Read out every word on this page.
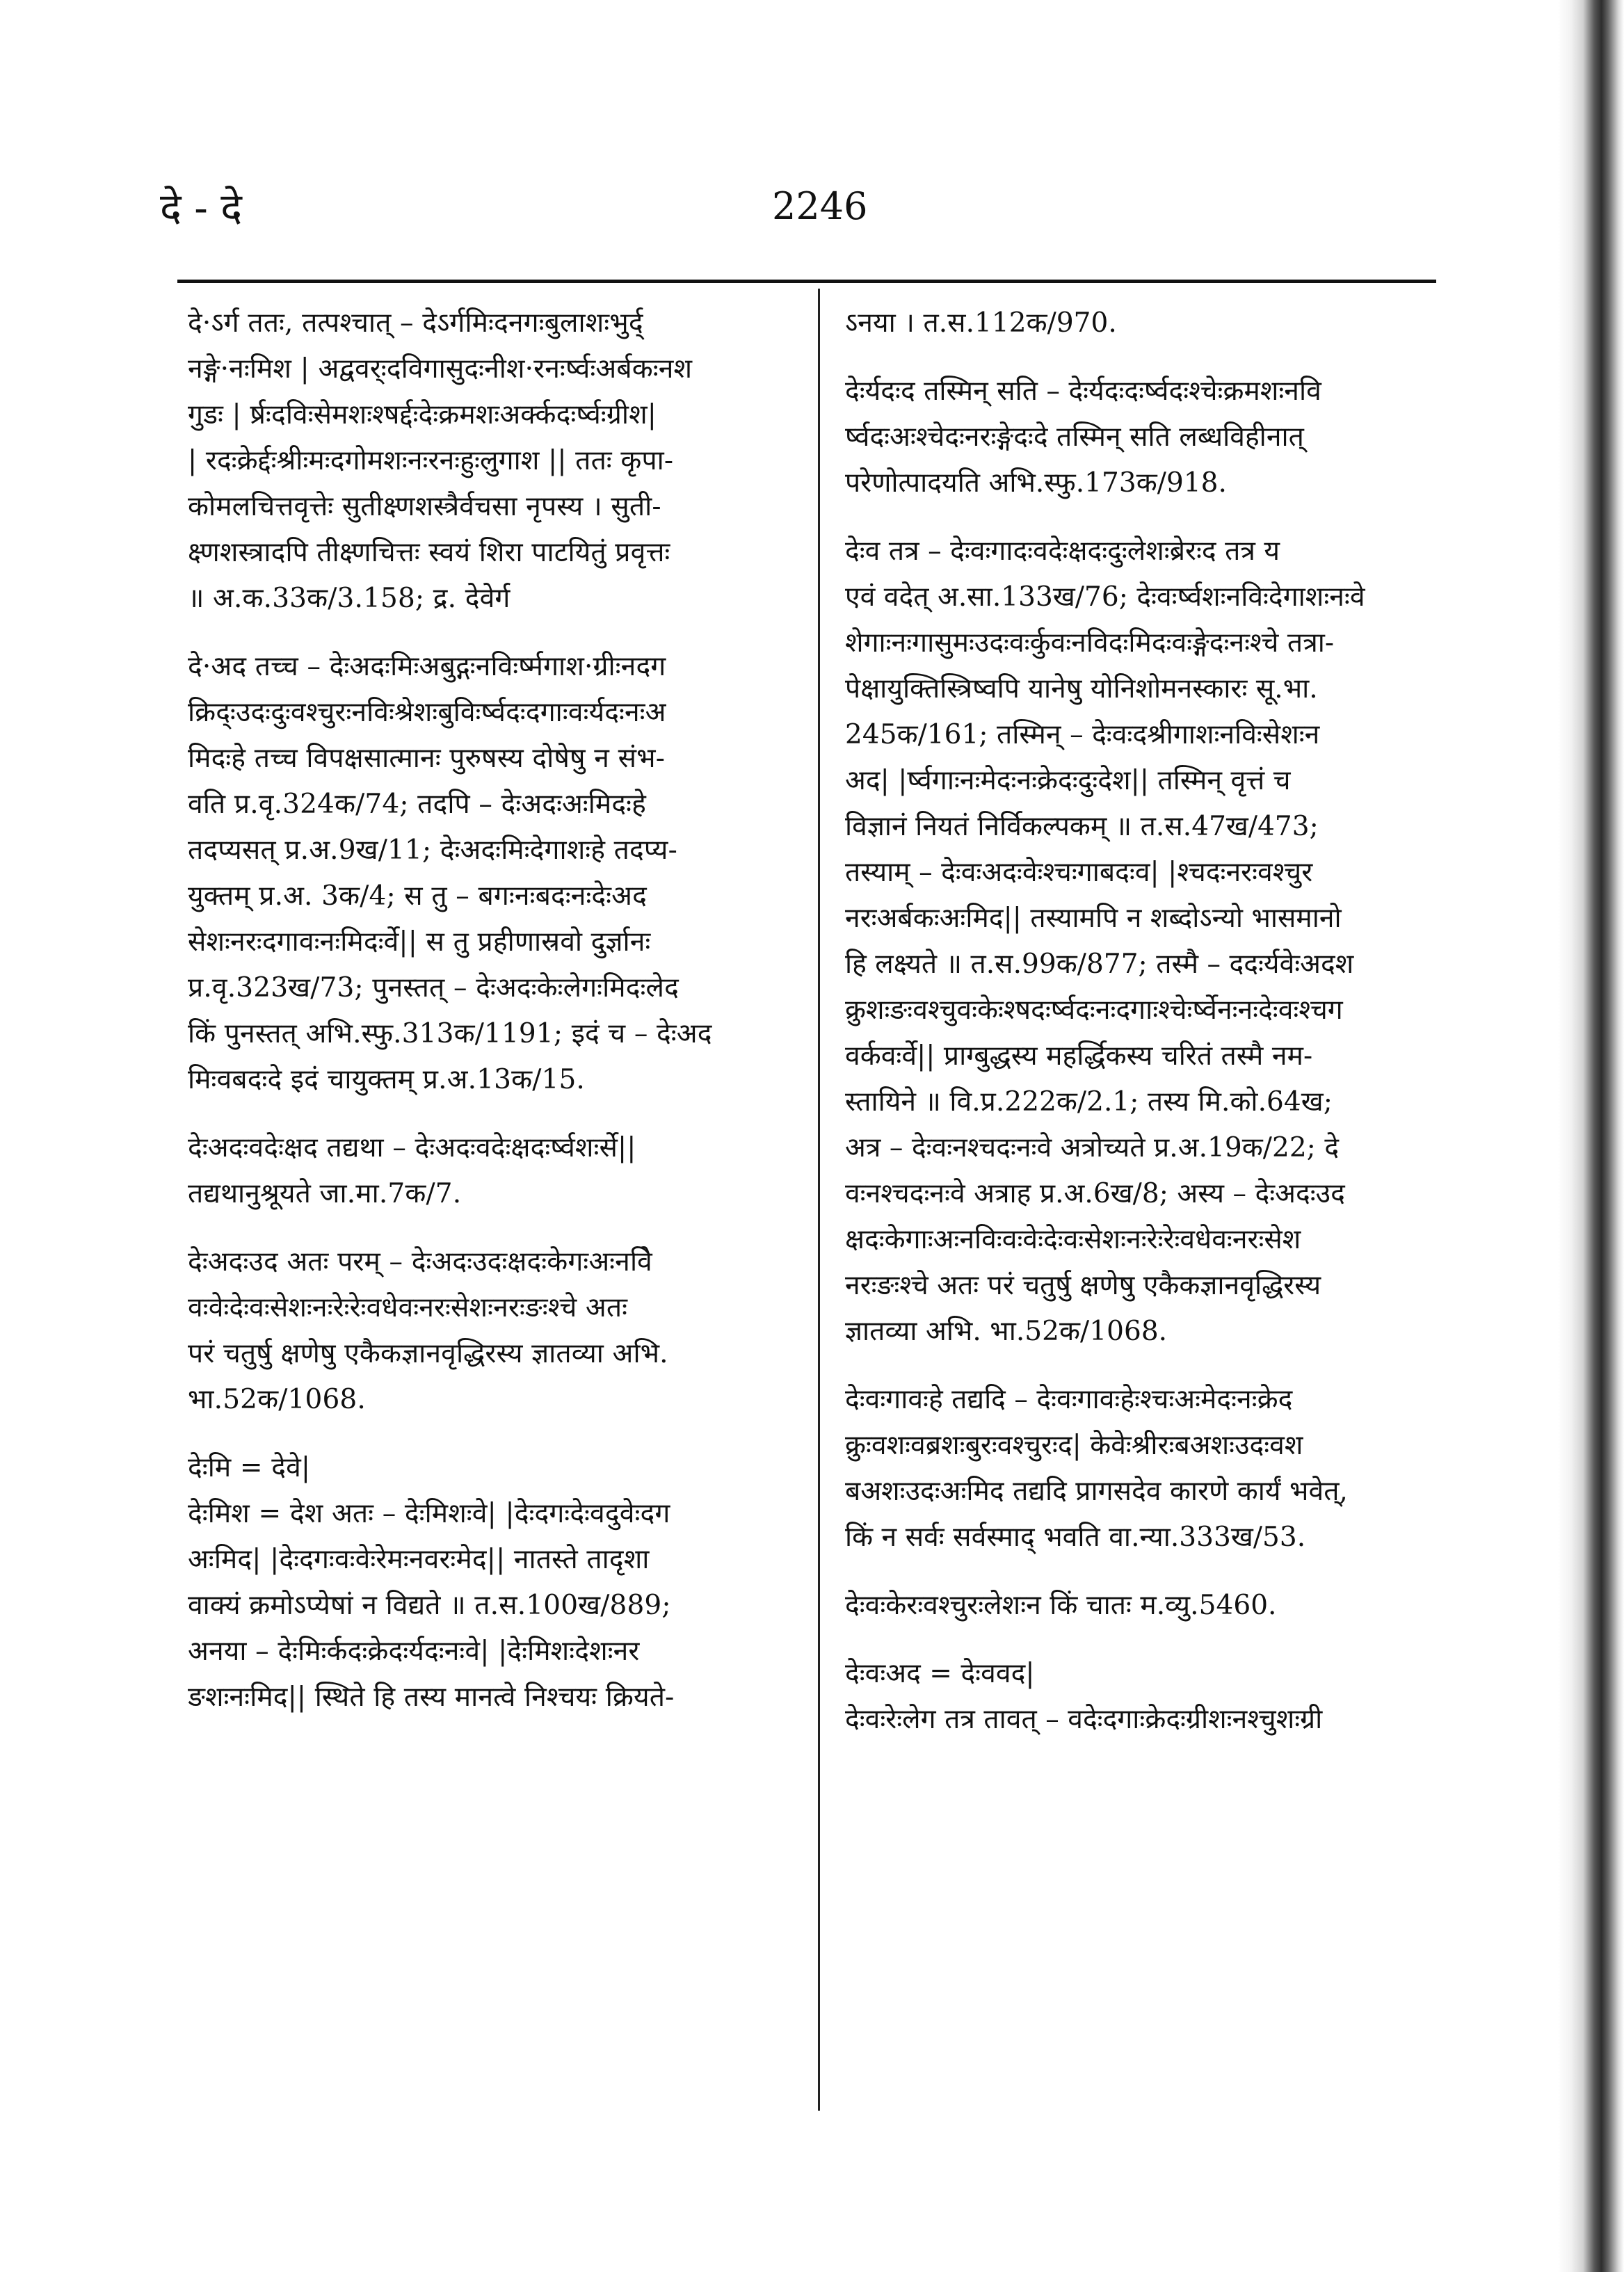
दे - दे	2246

दे·ऽर्ग ततः, तत्पश्चात् – देऽर्गमिःदनगःबुलाशःभुर्द्

नङ्गे·नःमिश | अद्ववर्ःदविगासुदःनीश·रनःर्ष्वःअर्बकःनश

गुडः | र्ष्रःदविःसेमशःश्षर्द्दःदेःक्रमशःअर्क्कदःर्ष्वःग्रीश|

| रदःक्रेर्द्दःश्रीःमःदगोमशःनःरनःहुःलुगाश || ततः कृपा-

कोमलचित्तवृत्तेः सुतीक्ष्णशस्त्रैर्वचसा नृपस्य । सुती-

क्ष्णशस्त्रादपि तीक्ष्णचित्तः स्वयं शिरा पाटयितुं प्रवृत्तः

॥ अ.क.33क/3.158; द्र. देवेर्ग

दे·अद तच्च – देःअदःमिःअबुद्गःनविःर्ष्मगाश·ग्रीःनदग

क्रिद्ःउदःदुःवश्चुरःनविःश्रेशःबुविःर्ष्वदःदगाःवःर्यदःनःअ

मिदःहे तच्च विपक्षसात्मानः पुरुषस्य दोषेषु न संभ-

वति प्र.वृ.324क/74; तदपि – देःअदःअःमिदःहे

तदप्यसत् प्र.अ.9ख/11; देःअदःमिःदेगाशःहे तदप्य-

युक्तम् प्र.अ. 3क/4; स तु – बगःनःबदःनःदेःअद

सेशःनरःदगावःनःमिदःर्वे|| स तु प्रहीणास्रवो दुर्ज्ञानः

प्र.वृ.323ख/73; पुनस्तत् – देःअदःकेःलेगःमिदःलेद

किं पुनस्तत् अभि.स्फु.313क/1191; इदं च – देःअद

मिःवबदःदे इदं चायुक्तम् प्र.अ.13क/15.

देःअदःवदेःक्षद तद्यथा – देःअदःवदेःक्षदःर्ष्वशःर्से||

तद्यथानुश्रूयते जा.मा.7क/7.

देःअदःउद अतः परम् – देःअदःउदःक्षदःकेगःअःनविे

वःवेःदेःवःसेशःनःरेःरेःवधेवःनरःसेशःनरःङःश्चे अतः

परं चतुर्षु क्षणेषु एकैकज्ञानवृद्धिरस्य ज्ञातव्या अभि.

भा.52क/1068.

देःमि = देवे|

देःमिश = देश अतः – देःमिशःवे| |देःदगःदेःवदुवेःदग

अःमिद| |देःदगःवःवेःरेमःनवरःमेद|| नातस्ते तादृशा

वाक्यं क्रमोऽप्येषां न विद्यते ॥ त.स.100ख/889;

अनया – देःमिःर्कदःक्रेदःर्यदःनःवे| |देःमिशःदेशःनर

ङशःनःमिद|| स्थिते हि तस्य मानत्वे निश्चयः क्रियते-

ऽनया । त.स.112क/970.

देःर्यदःद तस्मिन् सति – देःर्यदःदःर्ष्वदःश्चेःक्रमशःनवि

र्ष्वदःअःश्चेदःनरःङ्गेदःदे तस्मिन् सति लब्धविहीनात्

परेणोत्पादयति अभि.स्फु.173क/918.

देःव तत्र – देःवःगादःवदेःक्षदःदुःलेशःब्रेरःद तत्र य

एवं वदेत् अ.सा.133ख/76; देःवःर्ष्वशःनविःदेगाशःनःवे

शेगाःनःगासुमःउदःवःर्कुवःनविदःमिदःवःङ्गेदःनःश्चे तत्रा-

पेक्षायुक्तिस्त्रिष्वपि यानेषु योनिशोमनस्कारः सू.भा.

245क/161; तस्मिन् – देःवःदश्रीगाशःनविःसेशःन

अद| |र्ष्वगाःनःमेदःनःक्रेदःदुःदेश|| तस्मिन् वृत्तं च

विज्ञानं नियतं निर्विकल्पकम् ॥ त.स.47ख/473;

तस्याम् – देःवःअदःवेःश्चःगाबदःव| |श्चदःनरःवश्चुर

नरःअर्बकःअःमिद|| तस्यामपि न शब्दोऽन्यो भासमानो

हि लक्ष्यते ॥ त.स.99क/877; तस्मै – ददःर्यवेःअदश

क्रुशःङःवश्चुवःकेःश्षदःर्ष्वदःनःदगाःश्चेःर्ष्वेनःनःदेःवःश्चग

वर्कवःर्वे|| प्राग्बुद्धस्य महर्द्धिकस्य चरितं तस्मै नम-

स्तायिने ॥ वि.प्र.222क/2.1; तस्य मि.को.64ख;

अत्र – देःवःनश्चदःनःवे अत्रोच्यते प्र.अ.19क/22; दे

वःनश्चदःनःवे अत्राह प्र.अ.6ख/8; अस्य – देःअदःउद

क्षदःकेगाःअःनविःवःवेःदेःवःसेशःनःरेःरेःवधेवःनरःसेश

नरःङःश्चे अतः परं चतुर्षु क्षणेषु एकैकज्ञानवृद्धिरस्य

ज्ञातव्या अभि. भा.52क/1068.

देःवःगावःहे तद्यदि – देःवःगावःहेःश्चःअःमेदःनःक्रेद

क्रुःवशःवब्रशःबुरःवश्चुरःद| केवेःश्रीरःबअशःउदःवश

बअशःउदःअःमिद तद्यदि प्रागसदेव कारणे कार्यं भवेत्,

किं न सर्वः सर्वस्माद् भवति वा.न्या.333ख/53.

देःवःकेरःवश्चुरःलेशःन किं चातः म.व्यु.5460.

देःवःअद = देःववद|

देःवःरेःलेग तत्र तावत् – वदेःदगाःक्रेदःग्रीशःनश्चुशःग्री
